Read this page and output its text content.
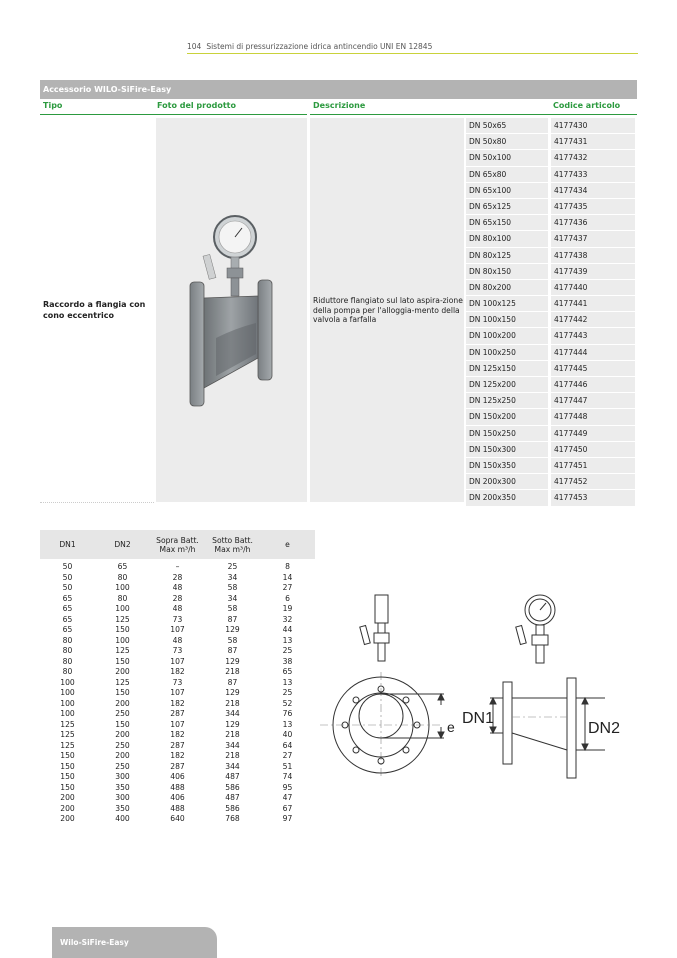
104 Sistemi di pressurizzazione idrica antincendio UNI EN 12845
Accessorio WILO-SiFire-Easy
Tipo	Foto del prodotto	Descrizione	Codice articolo
Raccordo a flangia con cono eccentrico
Riduttore flangiato sul lato aspira-zione della pompa per l'alloggia-mento della valvola a farfalla
DN 50x65	4177430
DN 50x80	4177431
DN 50x100	4177432
DN 65x80	4177433
DN 65x100	4177434
DN 65x125	4177435
DN 65x150	4177436
DN 80x100	4177437
DN 80x125	4177438
DN 80x150	4177439
DN 80x200	4177440
DN 100x125	4177441
DN 100x150	4177442
DN 100x200	4177443
DN 100x250	4177444
DN 125x150	4177445
DN 125x200	4177446
DN 125x250	4177447
DN 150x200	4177448
DN 150x250	4177449
DN 150x300	4177450
DN 150x350	4177451
DN 200x300	4177452
DN 200x350	4177453
DN1	DN2	Sopra Batt.
Max m³/h
Sotto Batt.
Max m³/h	e
50	65	–	25	8
50	80	28	34	14
50	100	48	58	27
65	80	28	34	6
65	100	48	58	19
65	125	73	87	32
65	150	107	129	44
80	100	48	58	13
80	125	73	87	25
80	150	107	129	38
80	200	182	218	65
100	125	73	87	13
100	150	107	129	25
100	200	182	218	52
100	250	287	344	76
125	150	107	129	13
125	200	182	218	40
125	250	287	344	64
150	200	182	218	27
150	250	287	344	51
150	300	406	487	74
150	350	488	586	95
200	300	406	487	47
200	350	488	586	67
200	400	640	768	97
e DN1
DN2
Wilo-SiFire-Easy
